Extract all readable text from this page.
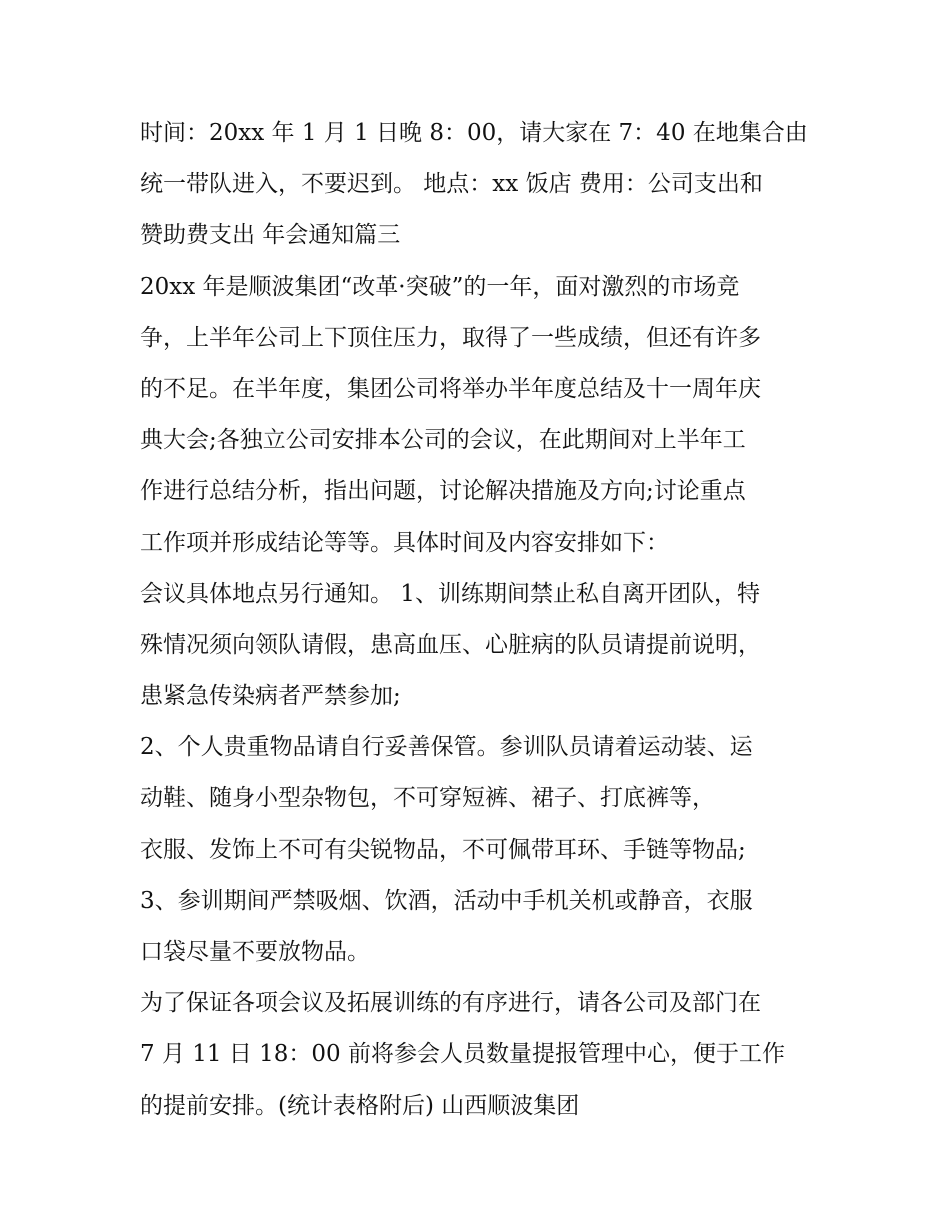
时间：20xx 年 1 月 1 日晚 8：00，请大家在 7：40 在地集合由
统一带队进入，不要迟到。 地点：xx 饭店 费用：公司支出和
赞助费支出 年会通知篇三
20xx 年是顺波集团“改革·突破”的一年，面对激烈的市场竞
争，上半年公司上下顶住压力，取得了一些成绩，但还有许多
的不足。在半年度，集团公司将举办半年度总结及十一周年庆
典大会;各独立公司安排本公司的会议，在此期间对上半年工
作进行总结分析，指出问题，讨论解决措施及方向;讨论重点
工作项并形成结论等等。具体时间及内容安排如下：
会议具体地点另行通知。 1、训练期间禁止私自离开团队，特
殊情况须向领队请假，患高血压、心脏病的队员请提前说明，
患紧急传染病者严禁参加;
2、个人贵重物品请自行妥善保管。参训队员请着运动装、运
动鞋、随身小型杂物包，不可穿短裤、裙子、打底裤等，
衣服、发饰上不可有尖锐物品，不可佩带耳环、手链等物品;
3、参训期间严禁吸烟、饮酒，活动中手机关机或静音，衣服
口袋尽量不要放物品。
为了保证各项会议及拓展训练的有序进行，请各公司及部门在
7 月 11 日 18：00 前将参会人员数量提报管理中心，便于工作
的提前安排。(统计表格附后) 山西顺波集团
